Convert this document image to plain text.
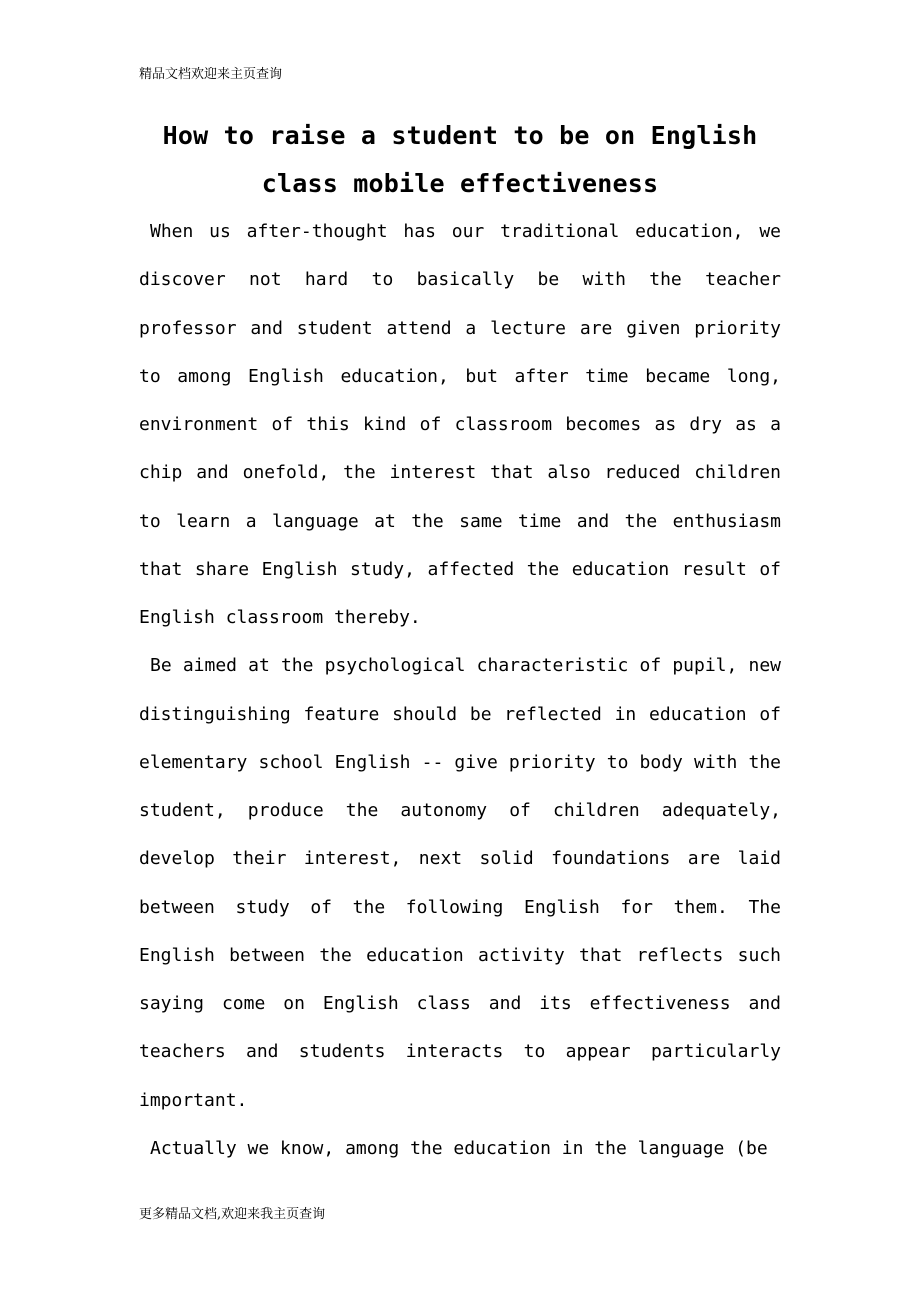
精品文档欢迎来主页查询
How to raise a student to be on English class mobile effectiveness

When us after-thought has our traditional education, we discover not hard to basically be with the teacher professor and student attend a lecture are given priority to among English education, but after time became long, environment of this kind of classroom becomes as dry as a chip and onefold, the interest that also reduced children to learn a language at the same time and the enthusiasm that share English study, affected the education result of English classroom thereby.

Be aimed at the psychological characteristic of pupil, new distinguishing feature should be reflected in education of elementary school English -- give priority to body with the student, produce the autonomy of children adequately, develop their interest, next solid foundations are laid between study of the following English for them. The English between the education activity that reflects such saying come on English class and its effectiveness and teachers and students interacts to appear particularly important.

Actually we know, among the education in the language (be

更多精品文档,欢迎来我主页查询
